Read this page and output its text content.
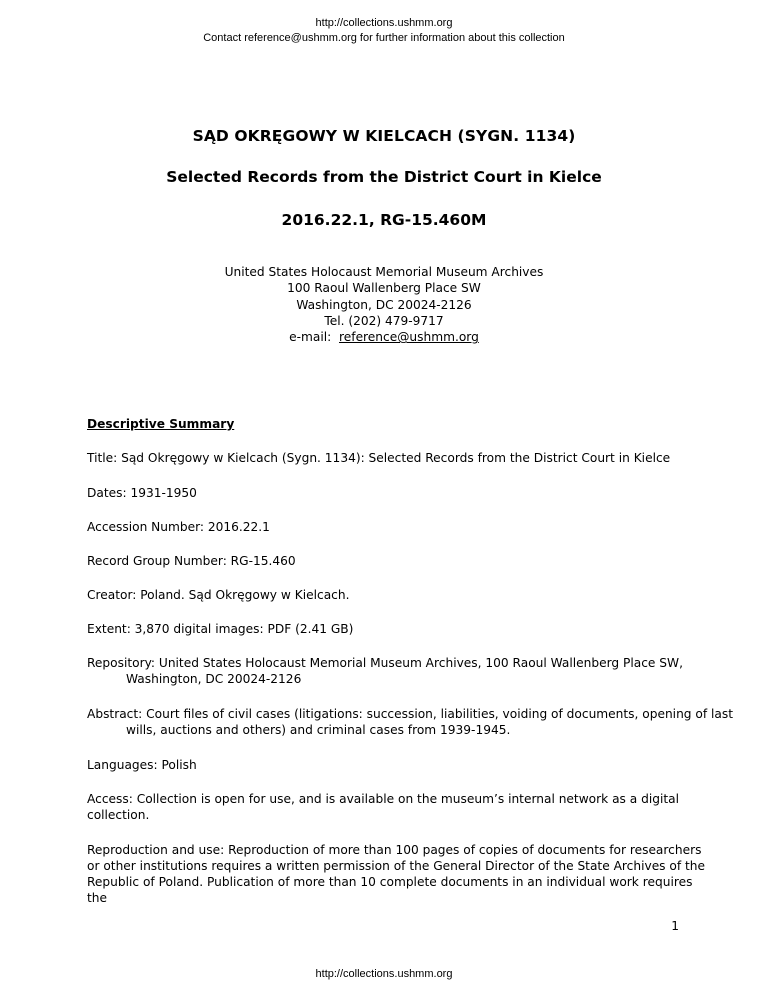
http://collections.ushmm.org
Contact reference@ushmm.org for further information about this collection
SĄD OKRĘGOWY W KIELCACH (SYGN. 1134)
Selected Records from the District Court in Kielce
2016.22.1, RG-15.460M
United States Holocaust Memorial Museum Archives
100 Raoul Wallenberg Place SW
Washington, DC 20024-2126
Tel. (202) 479-9717
e-mail:  reference@ushmm.org
Descriptive Summary
Title: Sąd Okręgowy w Kielcach (Sygn. 1134): Selected Records from the District Court in Kielce
Dates: 1931-1950
Accession Number: 2016.22.1
Record Group Number: RG-15.460
Creator: Poland. Sąd Okręgowy w Kielcach.
Extent: 3,870 digital images: PDF (2.41 GB)
Repository: United States Holocaust Memorial Museum Archives, 100 Raoul Wallenberg Place SW, Washington, DC 20024-2126
Abstract: Court files of civil cases (litigations: succession, liabilities, voiding of documents, opening of last wills, auctions and others) and criminal cases from 1939-1945.
Languages: Polish
Access: Collection is open for use, and is available on the museum’s internal network as a digital collection.
Reproduction and use: Reproduction of more than 100 pages of copies of documents for researchers or other institutions requires a written permission of the General Director of the State Archives of the Republic of Poland. Publication of more than 10 complete documents in an individual work requires the
1
http://collections.ushmm.org
